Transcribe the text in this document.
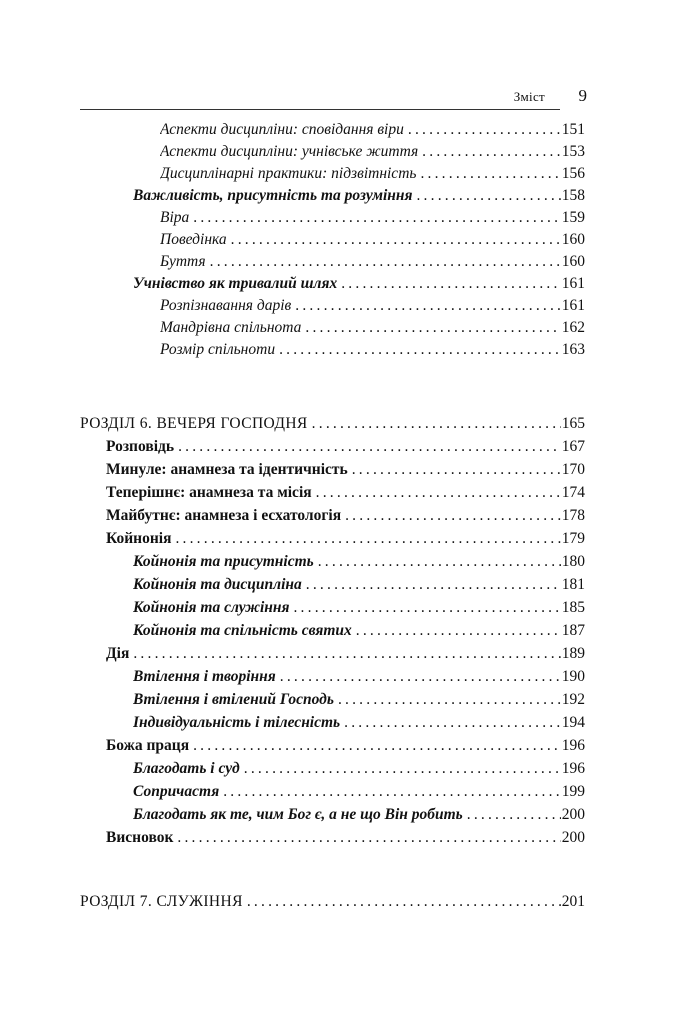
Зміст 9
Аспекти дисципліни: сповідання віри .....	151
Аспекти дисципліни: учнівське життя .....	153
Дисциплінарні практики: підзвітність .....	156
Важливість, присутність та розуміння .....	158
Віра .....	159
Поведінка .....	160
Буття .....	160
Учнівство як тривалий шлях .....	161
Розпізнавання дарів .....	161
Мандрівна спільнота .....	162
Розмір спільноти .....	163
РОЗДІЛ 6. ВЕЧЕРЯ ГОСПОДНЯ .....	165
Розповідь .....	167
Минуле: анамнеза та ідентичність .....	170
Теперішнє: анамнеза та місія .....	174
Майбутнє: анамнеза і есхатологія .....	178
Койнонія .....	179
Койнонія та присутність .....	180
Койнонія та дисципліна .....	181
Койнонія та служіння .....	185
Койнонія та спільність святих .....	187
Дія .....	189
Втілення і творіння .....	190
Втілення і втілений Господь .....	192
Індивідуальність і тілесність .....	194
Божа праця .....	196
Благодать і суд .....	196
Сопричастя .....	199
Благодать як те, чим Бог є, а не що Він робить .....	200
Висновок .....	200
РОЗДІЛ 7. СЛУЖІННЯ .....	201
